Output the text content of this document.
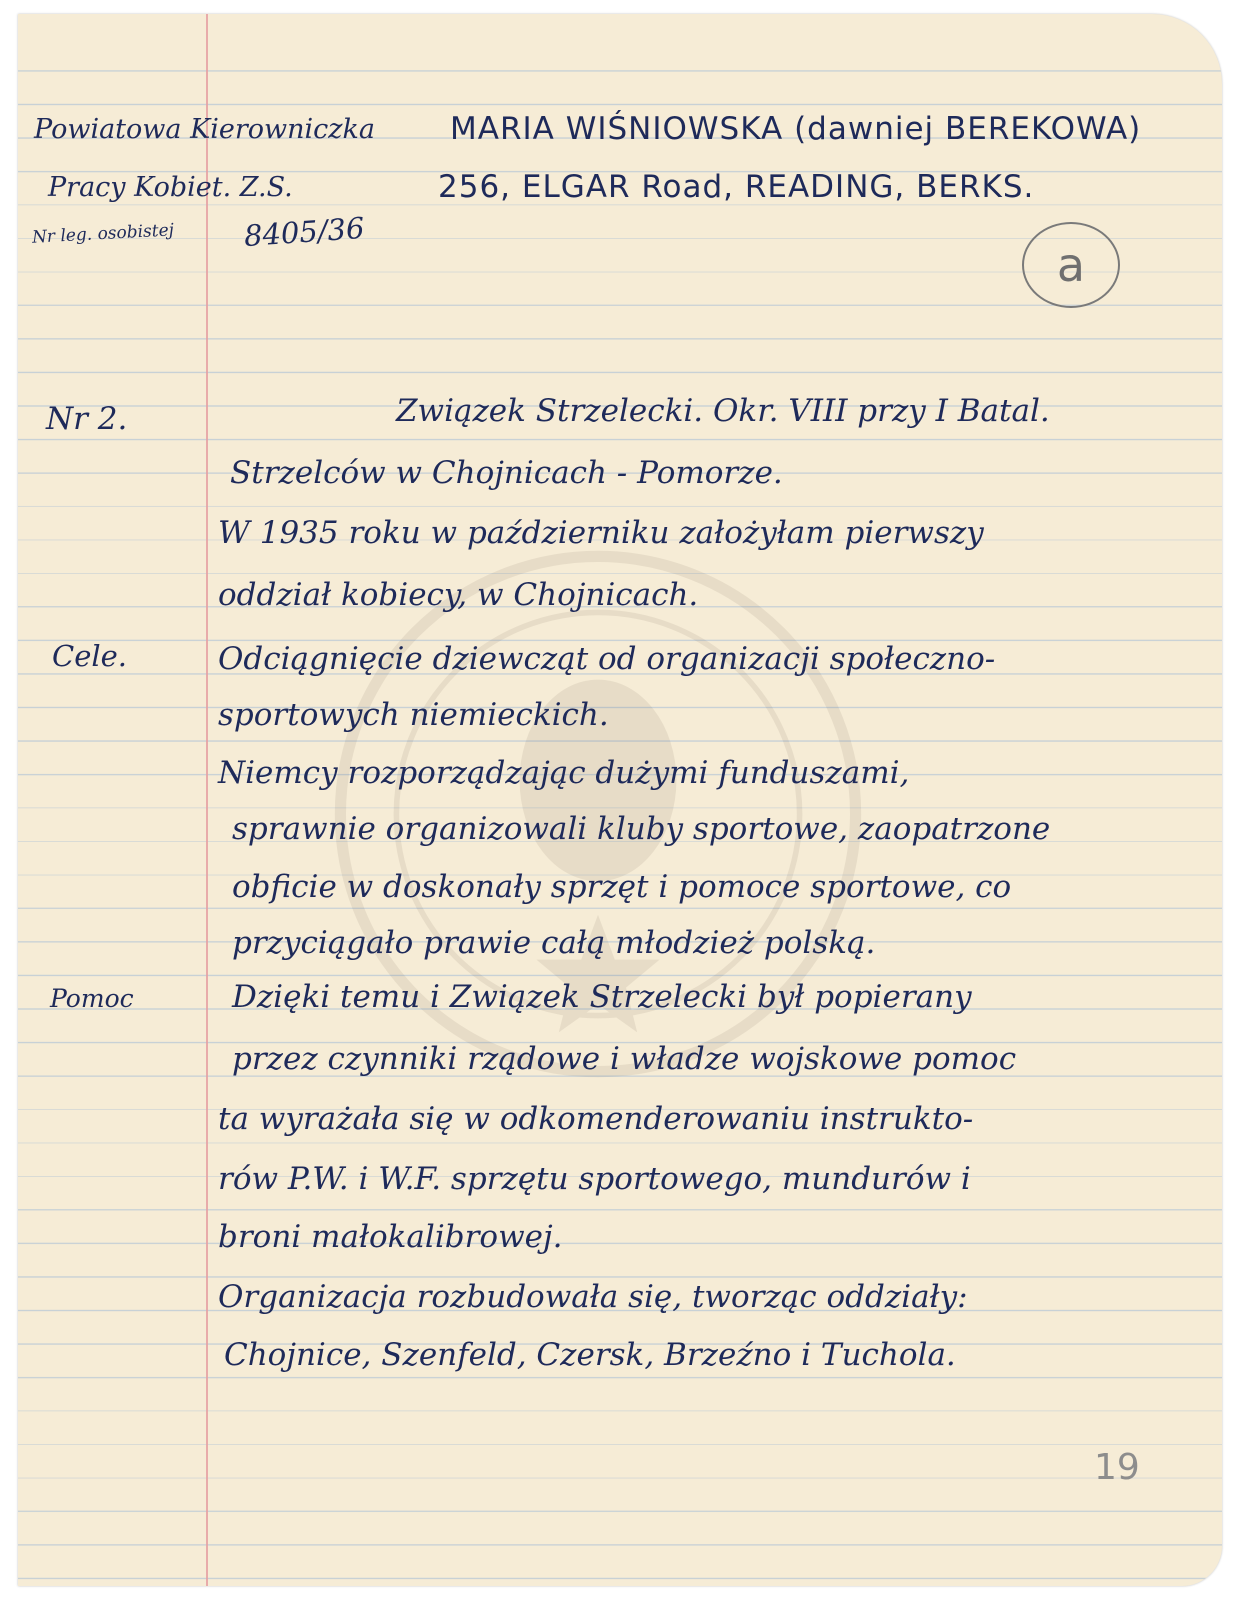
Powiatowa Kierowniczka
Pracy Kobiet. Z.S.
Nr leg. osobistej 8405/36
MARIA WIŚNIOWSKA (dawniej BEREKOWA)
256, ELGAR Road, READING, BERKS.
a
Nr 2.	Związek Strzelecki. Okr. VIII przy I Batal.
Strzelców w Chojnicach - Pomorze.
W 1935 roku w październiku założyłam pierwszy
oddział kobiecy, w Chojnicach.
Cele.
Pomoc
Odciągnięcie dziewcząt od organizacji społeczno-
sportowych niemieckich.
Niemcy rozporządzając dużymi funduszami,
sprawnie organizowali kluby sportowe, zaopatrzone
obficie w doskonały sprzęt i pomoce sportowe, co
przyciągało prawie całą młodzież polską.
Dzięki temu i Związek Strzelecki był popierany
przez czynniki rządowe i władze wojskowe pomoc
ta wyrażała się w odkomenderowaniu instrukto-
rów P.W. i W.F. sprzętu sportowego, mundurów i
broni małokalibrowej.
Organizacja rozbudowała się, tworząc oddziały:
Chojnice, Szenfeld, Czersk, Brzeźno i Tuchola.
19
